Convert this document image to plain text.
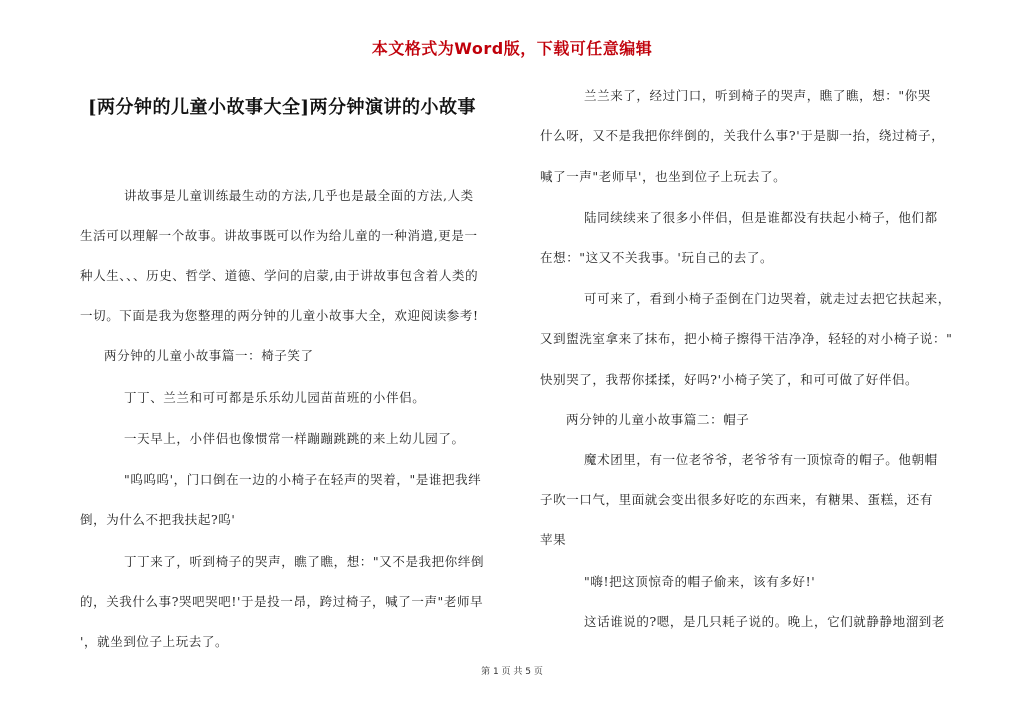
本文格式为Word版，下载可任意编辑
[两分钟的儿童小故事大全]两分钟演讲的小故事

讲故事是儿童训练最生动的方法,几乎也是最全面的方法,人类

生活可以理解一个故事。讲故事既可以作为给儿童的一种消遣,更是一

种人生、、、历史、哲学、道德、学问的启蒙,由于讲故事包含着人类的

一切。下面是我为您整理的两分钟的儿童小故事大全，欢迎阅读参考!

两分钟的儿童小故事篇一：椅子笑了

丁丁、兰兰和可可都是乐乐幼儿园苗苗班的小伴侣。

一天早上，小伴侣也像惯常一样蹦蹦跳跳的来上幼儿园了。

"呜呜呜'，门口倒在一边的小椅子在轻声的哭着，"是谁把我绊

倒，为什么不把我扶起?呜'

丁丁来了，听到椅子的哭声，瞧了瞧，想："又不是我把你绊倒

的，关我什么事?哭吧哭吧!'于是投一昂，跨过椅子，喊了一声"老师早

'，就坐到位子上玩去了。

兰兰来了，经过门口，听到椅子的哭声，瞧了瞧，想："你哭

什么呀，又不是我把你绊倒的，关我什么事?'于是脚一抬，绕过椅子，

喊了一声"老师早'，也坐到位子上玩去了。

陆同续续来了很多小伴侣，但是谁都没有扶起小椅子，他们都

在想："这又不关我事。'玩自己的去了。

可可来了，看到小椅子歪倒在门边哭着，就走过去把它扶起来，

又到盥洗室拿来了抹布，把小椅子擦得干洁净净，轻轻的对小椅子说："

快别哭了，我帮你揉揉，好吗?'小椅子笑了，和可可做了好伴侣。

两分钟的儿童小故事篇二：帽子

魔术团里，有一位老爷爷，老爷爷有一顶惊奇的帽子。他朝帽

子吹一口气，里面就会变出很多好吃的东西来，有糖果、蛋糕，还有

苹果

"嗨!把这顶惊奇的帽子偷来，该有多好!'

这话谁说的?嗯，是几只耗子说的。晚上，它们就静静地溜到老

第 1 页 共 5 页
